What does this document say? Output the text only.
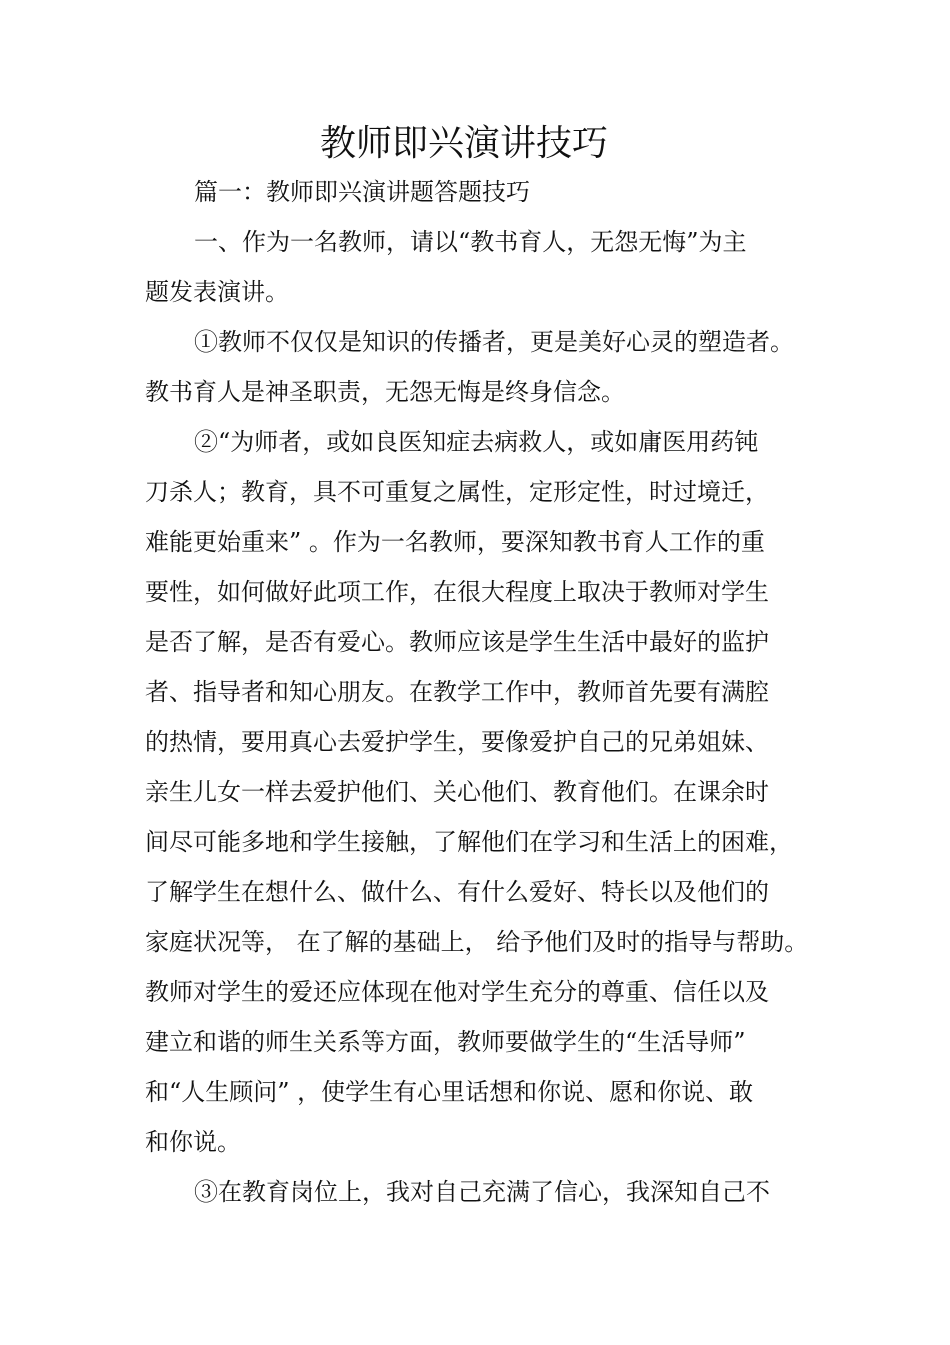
教师即兴演讲技巧
篇一：教师即兴演讲题答题技巧
一、作为一名教师，请以“教书育人，无怨无悔”为主
题发表演讲。
①教师不仅仅是知识的传播者，更是美好心灵的塑造者。
教书育人是神圣职责，无怨无悔是终身信念。
②“为师者，或如良医知症去病救人，或如庸医用药钝
刀杀人；教育，具不可重复之属性，定形定性，时过境迁，
难能更始重来” 。作为一名教师，要深知教书育人工作的重
要性，如何做好此项工作，在很大程度上取决于教师对学生
是否了解，是否有爱心。教师应该是学生生活中最好的监护
者、指导者和知心朋友。在教学工作中，教师首先要有满腔
的热情，要用真心去爱护学生，要像爱护自己的兄弟姐妹、
亲生儿女一样去爱护他们、关心他们、教育他们。在课余时
间尽可能多地和学生接触，了解他们在学习和生活上的困难，
了解学生在想什么、做什么、有什么爱好、特长以及他们的
家庭状况等， 在了解的基础上， 给予他们及时的指导与帮助。
教师对学生的爱还应体现在他对学生充分的尊重、信任以及
建立和谐的师生关系等方面，教师要做学生的“生活导师”
和“人生顾问” ，使学生有心里话想和你说、愿和你说、敢
和你说。
③在教育岗位上，我对自己充满了信心，我深知自己不
